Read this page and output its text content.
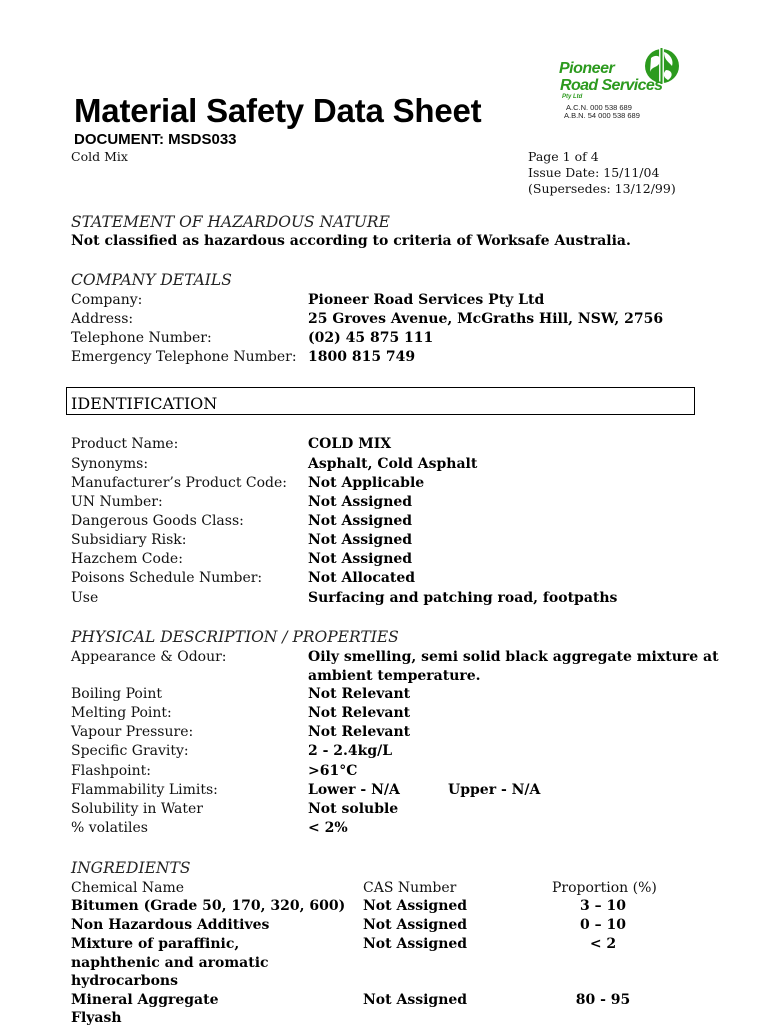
Pioneer
Road Services
Pty Ltd
A.C.N. 000 538 689
A.B.N. 54 000 538 689
Material Safety Data Sheet
DOCUMENT: MSDS033
Cold Mix	Page 1 of 4
Issue Date: 15/11/04
(Supersedes: 13/12/99)
STATEMENT OF HAZARDOUS NATURE
Not classified as hazardous according to criteria of Worksafe Australia.
COMPANY DETAILS
Company:	Pioneer Road Services Pty Ltd
Address:	25 Groves Avenue, McGraths Hill, NSW, 2756
Telephone Number:	(02) 45 875 111
Emergency Telephone Number: 1800 815 749
IDENTIFICATION
Product Name:	COLD MIX
Synonyms:	Asphalt, Cold Asphalt
Manufacturer’s Product Code: Not Applicable
UN Number:	Not Assigned
Dangerous Goods Class:	Not Assigned
Subsidiary Risk:	Not Assigned
Hazchem Code:	Not Assigned
Poisons Schedule Number:	Not Allocated
Use	Surfacing and patching road, footpaths
PHYSICAL DESCRIPTION / PROPERTIES
Appearance & Odour:	Oily smelling, semi solid black aggregate mixture at
ambient temperature.
Boiling Point	Not Relevant
Melting Point:	Not Relevant
Vapour Pressure:	Not Relevant
Specific Gravity:	2 - 2.4kg/L
Flashpoint:	>61°C
Flammability Limits:	Lower - N/A	Upper - N/A
Solubility in Water	Not soluble
% volatiles	< 2%
INGREDIENTS
Chemical Name	CAS Number	Proportion (%)
Bitumen (Grade 50, 170, 320, 600) Not Assigned	3 – 10
Non Hazardous Additives	Not Assigned	0 – 10
Mixture of paraffinic,	Not Assigned	< 2
naphthenic and aromatic
hydrocarbons
Mineral Aggregate	Not Assigned	80 - 95
Flyash
